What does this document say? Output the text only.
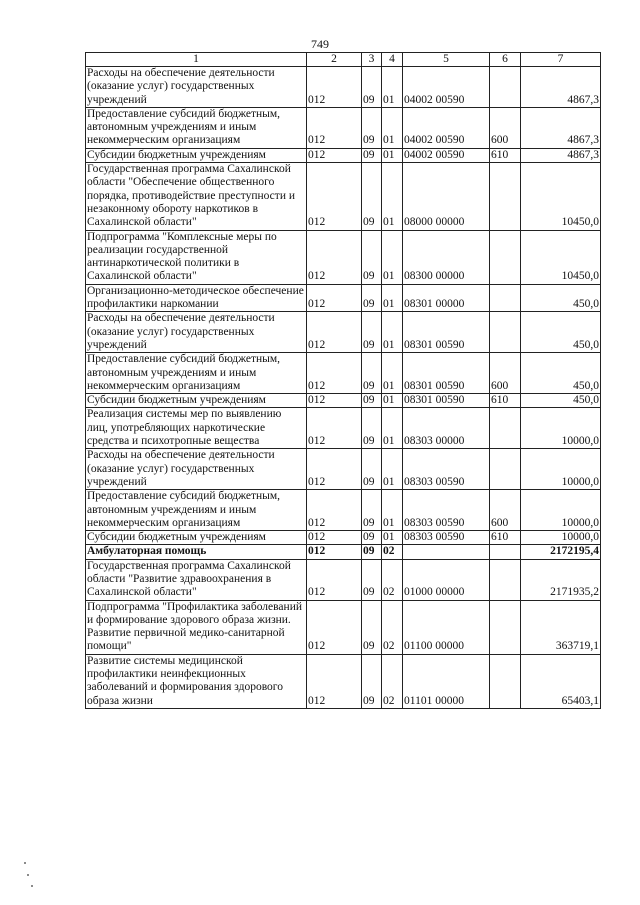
749
1	2	3	4	5	6	7
Расходы на обеспечение деятельности (оказание услуг) государственных учреждений	012	09	01	04002 00590		4867,3
Предоставление субсидий бюджетным, автономным учреждениям и иным некоммерческим организациям	012	09	01	04002 00590	600	4867,3
Субсидии бюджетным учреждениям	012	09	01	04002 00590	610	4867,3
Государственная программа Сахалинской области "Обеспечение общественного порядка, противодействие преступности и незаконному обороту наркотиков в Сахалинской области"	012	09	01	08000 00000		10450,0
Подпрограмма "Комплексные меры по реализации государственной антинаркотической политики в Сахалинской области"	012	09	01	08300 00000		10450,0
Организационно-методическое обеспечение профилактики наркомании	012	09	01	08301 00000		450,0
Расходы на обеспечение деятельности (оказание услуг) государственных учреждений	012	09	01	08301 00590		450,0
Предоставление субсидий бюджетным, автономным учреждениям и иным некоммерческим организациям	012	09	01	08301 00590	600	450,0
Субсидии бюджетным учреждениям	012	09	01	08301 00590	610	450,0
Реализация системы мер по выявлению лиц, употребляющих наркотические средства и психотропные вещества	012	09	01	08303 00000		10000,0
Расходы на обеспечение деятельности (оказание услуг) государственных учреждений	012	09	01	08303 00590		10000,0
Предоставление субсидий бюджетным, автономным учреждениям и иным некоммерческим организациям	012	09	01	08303 00590	600	10000,0
Субсидии бюджетным учреждениям	012	09	01	08303 00590	610	10000,0
Амбулаторная помощь	012	09	02			2172195,4
Государственная программа Сахалинской области "Развитие здравоохранения в Сахалинской области"	012	09	02	01000 00000		2171935,2
Подпрограмма "Профилактика заболеваний и формирование здорового образа жизни. Развитие первичной медико-санитарной помощи"	012	09	02	01100 00000		363719,1
Развитие системы медицинской профилактики неинфекционных заболеваний и формирования здорового образа жизни	012	09	02	01101 00000		65403,1
